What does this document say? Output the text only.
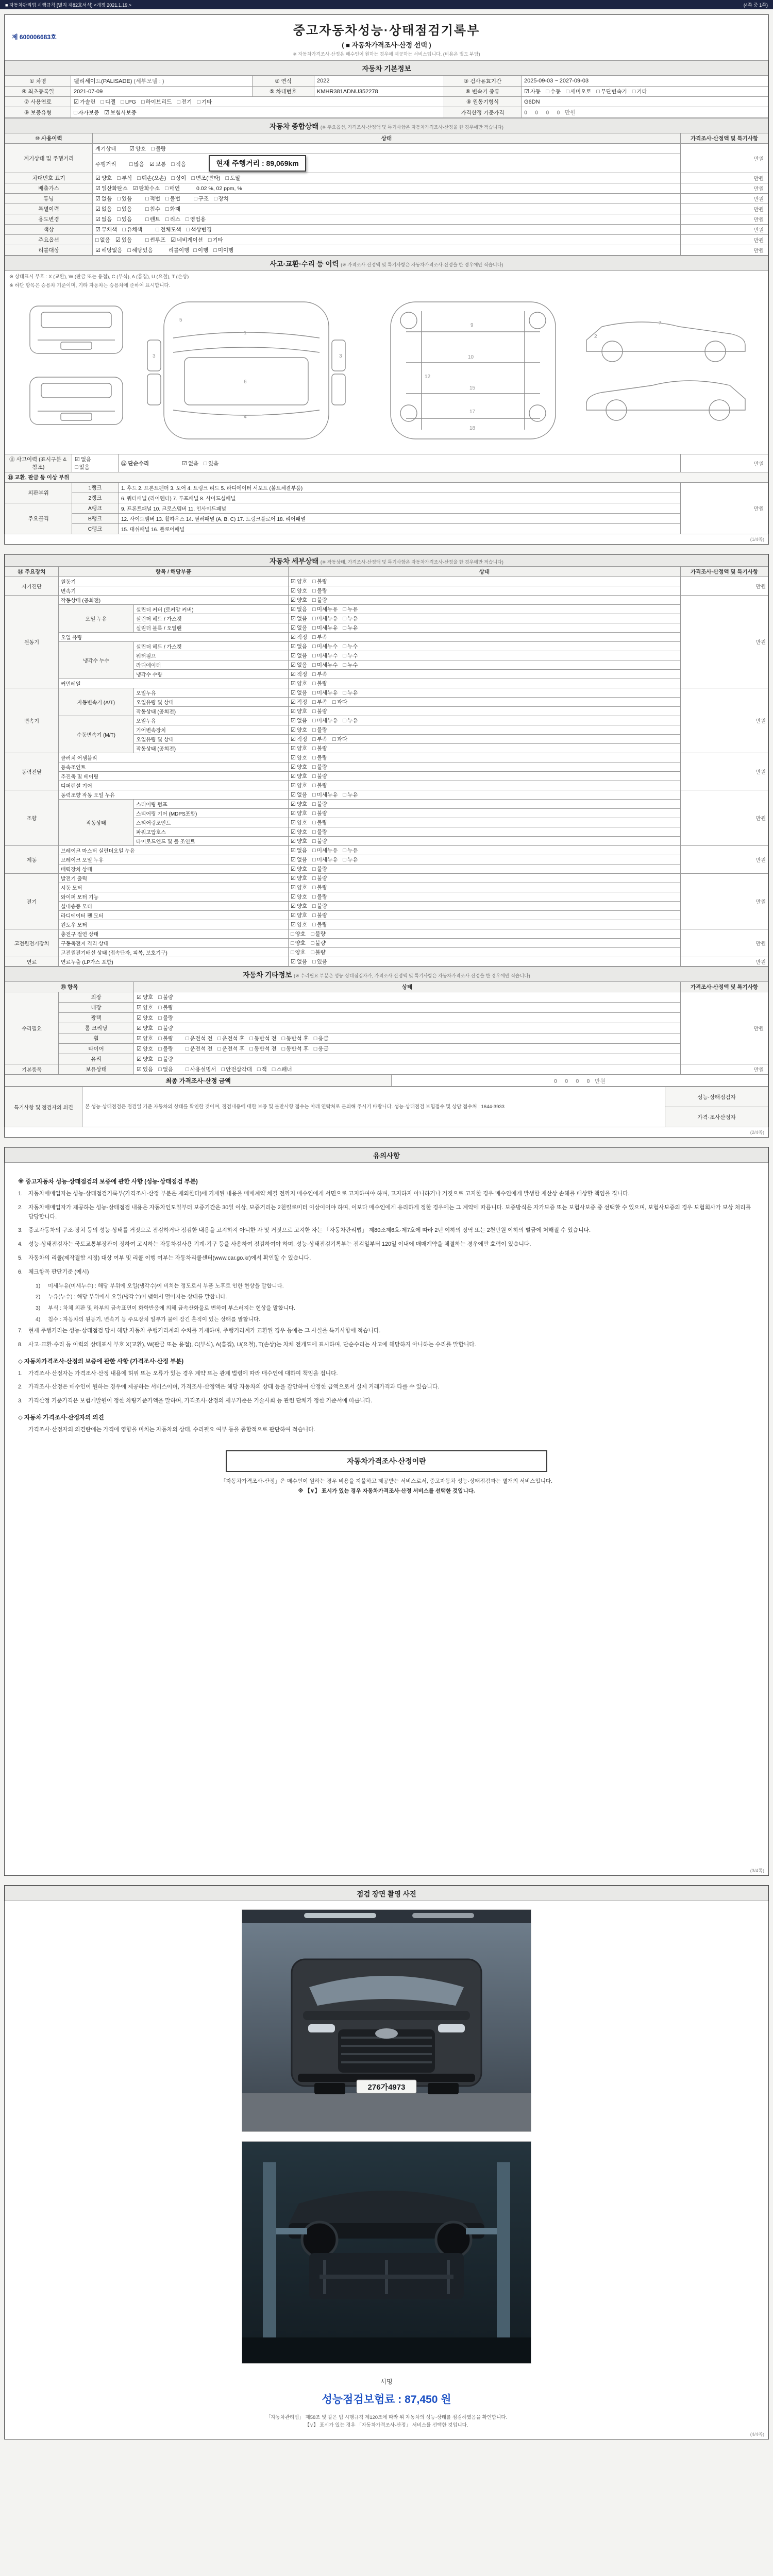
■ 자동차관리법 시행규칙 [별지 제82호서식] <개정 2021.1.19.>	(4쪽 중 1쪽)
제 600006683호	중고자동차성능·상태점검기록부
( ■ 자동차가격조사·산정 선택 )
※ 자동차가격조사·산정은 매수인이 원하는 경우에 제공하는 서비스입니다. (비용은 별도 부담)
자동차 기본정보					
① 차명	팰리세이드(PALISADE) (세부모델 : )	② 연식	2022	③ 검사유효기간	2025-09-03 ~ 2027-09-03
④ 최초등록일	2021-07-09	⑤ 차대번호	KMHR381ADNU352278	⑥ 변속기 종류	☑ 자동 □ 수동 □ 세미오토 □ 무단변속기 □ 기타
⑦ 사용연료	☑ 가솔린 □ 디젤 □ LPG □ 하이브리드 □ 전기 □ 기타			⑧ 원동기형식	G6DN
⑨ 보증유형	□ 자가보증 ☑ 보험사보증			가격산정 기준가격	0 0 0 0 만원
자동차 종합상태 (※ 주요옵션, 가격조사·산정액 및 특기사항은 자동차가격조사·산정을 한 경우에만 적습니다)		
⑩ 사용이력	상태	가격조사·산정액 및 특기사항
계기상태 및 주행거리	계기상태 ☑ 양호 □ 불량	만원
	주행거리 □ 많음 ☑ 보통 □ 적음 현재 주행거리 : 89,069km	
차대번호 표기	☑ 양호 □ 부식 □ 훼손(오손) □ 상이 □ 변조(변타) □ 도말	만원
배출가스	☑ 일산화탄소 ☑ 탄화수소 □ 매연 0.02 %, 02 ppm, %	만원
튜닝	☑ 없음 □ 있음 □ 적법 □ 불법 □ 구조 □ 장치	만원
특별이력	☑ 없음 □ 있음 □ 침수 □ 화재	만원
용도변경	☑ 없음 □ 있음 □ 렌트 □ 리스 □ 영업용	만원
색상	☑ 무채색 □ 유채색 □ 전체도색 □ 색상변경	만원
주요옵션	□ 없음 ☑ 있음 □ 썬루프 ☑ 네비게이션 □ 기타	만원
리콜대상	☑ 해당없음 □ 해당있음 리콜이행 □ 이행 □ 미이행	만원
사고·교환·수리 등 이력 (※ 가격조사·산정액 및 특기사항은 자동차가격조사·산정을 한 경우에만 적습니다)			

※ 상태표시 부호 : X (교환), W (판금 또는 용접), C (부식), A (흠집), U (요철), T (손상)
※ 하단 항목은 승용차 기준이며, 기타 자동차는 승용차에 준하여 표시합니다.
1
6
3	3
4
5
9
10
12
15
17
18
7
2

⑪ 사고이력 (표시구분 4.참조)	☑ 없음□ 있음	⑫ 단순수리 ☑ 없음 □ 있음	만원
⑬ 교환, 판금 등 이상 부위			
외판부위	1랭크	1. 후드 2. 프론트펜더 3. 도어 4. 트렁크 리드 5. 라디에이터 서포트 (볼트체결부품)	만원
	2랭크	6. 쿼터패널 (리어펜더) 7. 루프패널 8. 사이드실패널	
주요골격	A랭크	9. 프론트패널 10. 크로스멤버 11. 인사이드패널	
	B랭크	12. 사이드멤버 13. 휠하우스 14. 필러패널 (A, B, C) 17. 트렁크플로어 18. 리어패널	
	C랭크	15. 대쉬패널 16. 플로어패널	
(1/4쪽)
자동차 세부상태 (※ 작동상태, 가격조사·산정액 및 특기사항은 자동차가격조사·산정을 한 경우에만 적습니다)				
⑭ 주요장치	항목 / 해당부품		상태	가격조사·산정액 및 특기사항
자기진단	원동기		☑ 양호 □ 불량	만원
	변속기		☑ 양호 □ 불량	
원동기	작동상태 (공회전)		☑ 양호 □ 불량	만원
	오일 누유	실린더 커버 (로커암 커버)	☑ 없음 □ 미세누유 □ 누유	
		실린더 헤드 / 가스켓	☑ 없음 □ 미세누유 □ 누유	
		실린더 블록 / 오일팬	☑ 없음 □ 미세누유 □ 누유	
	오일 유량		☑ 적정 □ 부족	
	냉각수 누수	실린더 헤드 / 가스켓	☑ 없음 □ 미세누수 □ 누수	
		워터펌프	☑ 없음 □ 미세누수 □ 누수	
		라디에이터	☑ 없음 □ 미세누수 □ 누수	
		냉각수 수량	☑ 적정 □ 부족	
	커먼레일		☑ 양호 □ 불량	
변속기	자동변속기 (A/T)	오일누유	☑ 없음 □ 미세누유 □ 누유	만원
		오일유량 및 상태	☑ 적정 □ 부족 □ 과다	
		작동상태 (공회전)	☑ 양호 □ 불량	
	수동변속기 (M/T)	오일누유	☑ 없음 □ 미세누유 □ 누유	
		기어변속장치	☑ 양호 □ 불량	
		오일유량 및 상태	☑ 적정 □ 부족 □ 과다	
		작동상태 (공회전)	☑ 양호 □ 불량	
동력전달	클러치 어셈블리		☑ 양호 □ 불량	만원
	등속조인트		☑ 양호 □ 불량	
	추진축 및 베어링		☑ 양호 □ 불량	
	디퍼렌셜 기어		☑ 양호 □ 불량	
조향	동력조향 작동 오일 누유		☑ 없음 □ 미세누유 □ 누유	만원
	작동상태	스티어링 펌프	☑ 양호 □ 불량	
		스티어링 기어 (MDPS포함)	☑ 양호 □ 불량	
		스티어링조인트	☑ 양호 □ 불량	
		파워고압호스	☑ 양호 □ 불량	
		타이로드엔드 및 볼 조인트	☑ 양호 □ 불량	
제동	브레이크 마스터 실린더오일 누유		☑ 없음 □ 미세누유 □ 누유	만원
	브레이크 오일 누유		☑ 없음 □ 미세누유 □ 누유	
	배력장치 상태		☑ 양호 □ 불량	
전기	발전기 출력		☑ 양호 □ 불량	만원
	시동 모터		☑ 양호 □ 불량	
	와이퍼 모터 기능		☑ 양호 □ 불량	
	실내송풍 모터		☑ 양호 □ 불량	
	라디에이터 팬 모터		☑ 양호 □ 불량	
	윈도우 모터		☑ 양호 □ 불량	
고전원전기장치	충전구 절연 상태		□ 양호 □ 불량	만원
	구동축전지 격리 상태		□ 양호 □ 불량	
	고전원전기배선 상태 (접속단자, 피복, 보호기구)		□ 양호 □ 불량	
연료	연료누출 (LP가스 포함)		☑ 없음 □ 있음	만원
자동차 기타정보 (※ 수리필요 부분은 성능·상태점검자가, 가격조사·산정액 및 특기사항은 자동차가격조사·산정을 한 경우에만 적습니다)			
⑮ 항목		상태	가격조사·산정액 및 특기사항
수리필요	외장	☑ 양호 □ 불량	만원
	내장	☑ 양호 □ 불량	
	광택	☑ 양호 □ 불량	
	룸 크리닝	☑ 양호 □ 불량	
	휠	☑ 양호 □ 불량 □ 운전석 전 □ 운전석 후 □ 동반석 전 □ 동반석 후 □ 응급	
	타이어	☑ 양호 □ 불량 □ 운전석 전 □ 운전석 후 □ 동반석 전 □ 동반석 후 □ 응급	
	유리	☑ 양호 □ 불량	
기본품목	보유상태	☑ 있음 □ 없음 □ 사용설명서 □ 안전삼각대 □ 잭 □ 스패너	만원
최종 가격조사·산정 금액	0 0 0 0 만원
특기사항 및 점검자의 의견	본 성능·상태점검은 점검일 기준 자동차의 상태를 확인한 것이며, 점검내용에 대한 보증 및 불만사항 접수는 아래 연락처로 문의해 주시기 바랍니다. 성능·상태점검 보험접수 및 상담 접수처 : 1644-3933
	성능·상태점검자
가격·조사산정자
(2/4쪽)
유의사항
※ 중고자동차 성능·상태점검의 보증에 관한 사항 (성능·상태점검 부분)
1.	자동차매매업자는 성능·상태점검기록부(가격조사·산정 부분은 제외한다)에 기재된 내용을 매매계약 체결 전까지 매수인에게 서면으로 고지하여야 하며, 고지하지 아니하거나 거짓으로 고지한 경우 매수인에게 발생한 재산상 손해를 배상할 책임을 집니다.
2.	자동차매매업자가 제공하는 성능·상태점검 내용은 자동차인도일부터 보증기간은 30일 이상, 보증거리는 2천킬로미터 이상이어야 하며, 이보다 매수인에게 유리하게 정한 경우에는 그 계약에 따릅니다. 보증방식은 자가보증 또는 보험사보증 중 선택할 수 있으며, 보험사보증의 경우 보험회사가 보상 처리를 담당합니다.
3.	중고자동차의 구조·장치 등의 성능·상태를 거짓으로 점검하거나 점검한 내용을 고지하지 아니한 자 및 거짓으로 고지한 자는 「자동차관리법」 제80조제6호·제7호에 따라 2년 이하의 징역 또는 2천만원 이하의 벌금에 처해질 수 있습니다.
4.	성능·상태점검자는 국토교통부장관이 정하여 고시하는 자동차검사용 기계·기구 등을 사용하여 점검하여야 하며, 성능·상태점검기록부는 점검일부터 120일 이내에 매매계약을 체결하는 경우에만 효력이 있습니다.
5.	자동차의 리콜(제작결함 시정) 대상 여부 및 리콜 이행 여부는 자동차리콜센터(www.car.go.kr)에서 확인할 수 있습니다.
6.	체크항목 판단기준 (예시)
1)	미세누유(미세누수) : 해당 부위에 오일(냉각수)이 비치는 정도로서 부품 노후로 인한 현상을 말합니다.
2)	누유(누수) : 해당 부위에서 오일(냉각수)이 맺혀서 떨어지는 상태를 말합니다.
3)	부식 : 차체 외판 및 하부의 금속표면이 화학반응에 의해 금속산화물로 변하여 부스러지는 현상을 말합니다.
4)	침수 : 자동차의 원동기, 변속기 등 주요장치 일부가 물에 잠긴 흔적이 있는 상태를 말합니다.
7.	현재 주행거리는 성능·상태점검 당시 해당 자동차 주행거리계의 수치를 기재하며, 주행거리계가 교환된 경우 등에는 그 사실을 특기사항에 적습니다.
8.	사고·교환·수리 등 이력의 상태표시 부호 X(교환), W(판금 또는 용접), C(부식), A(흠집), U(요철), T(손상)는 차체 전개도에 표시하며, 단순수리는 사고에 해당하지 아니하는 수리를 말합니다.
◇ 자동차가격조사·산정의 보증에 관한 사항 (가격조사·산정 부분)
1.	가격조사·산정자는 가격조사·산정 내용에 허위 또는 오류가 있는 경우 계약 또는 관계 법령에 따라 매수인에 대하여 책임을 집니다.
2.	가격조사·산정은 매수인이 원하는 경우에 제공하는 서비스이며, 가격조사·산정액은 해당 자동차의 상태 등을 감안하여 산정한 금액으로서 실제 거래가격과 다를 수 있습니다.
3.	가격산정 기준가격은 보험개발원이 정한 차량기준가액을 말하며, 가격조사·산정의 세부기준은 기술사회 등 관련 단체가 정한 기준서에 따릅니다.
◇ 자동차 가격조사·산정자의 의견
가격조사·산정자의 의견란에는 가격에 영향을 미치는 자동차의 상태, 수리필요 여부 등을 종합적으로 판단하여 적습니다.
자동차가격조사·산정이란
「자동차가격조사·산정」은 매수인이 원하는 경우 비용을 지불하고 제공받는 서비스로서, 중고자동차 성능·상태점검과는 별개의 서비스입니다.
※ 【∨】 표시가 있는 경우 자동차가격조사·산정 서비스를 선택한 것입니다.
(3/4쪽)
점검 장면 촬영 사진
276가4973
서명
성능점검보험료 : 87,450 원
「자동차관리법」 제58조 및 같은 법 시행규칙 제120조에 따라 위 자동차의 성능·상태를 점검하였음을 확인합니다.
【∨】 표시가 있는 경우 「자동차가격조사·산정」 서비스를 선택한 것입니다.
(4/4쪽)
